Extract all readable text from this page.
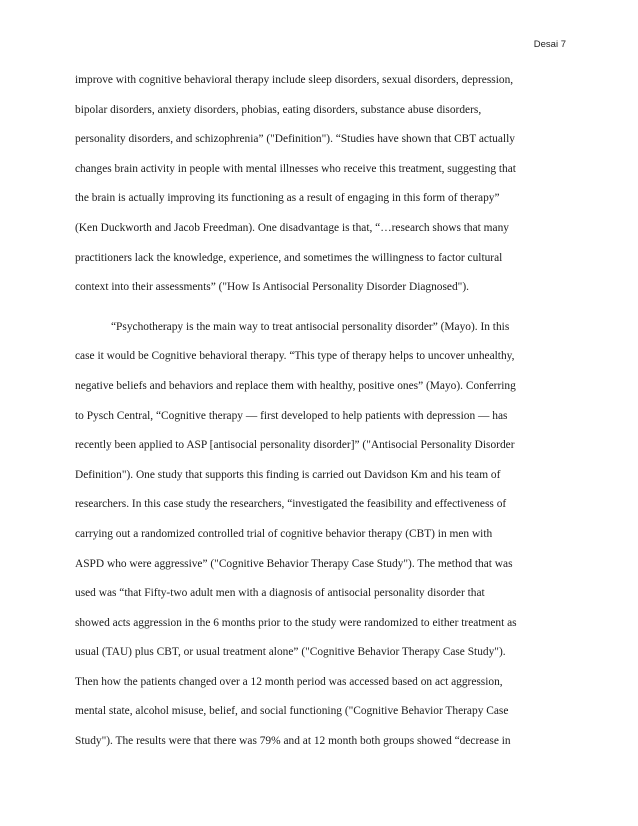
Desai 7
improve with cognitive behavioral therapy include sleep disorders, sexual disorders, depression,
bipolar disorders, anxiety disorders, phobias, eating disorders, substance abuse disorders,
personality disorders, and schizophrenia” ("Definition"). “Studies have shown that CBT actually
changes brain activity in people with mental illnesses who receive this treatment, suggesting that
the brain is actually improving its functioning as a result of engaging in this form of therapy”
(Ken Duckworth and Jacob Freedman). One disadvantage is that, “…research shows that many
practitioners lack the knowledge, experience, and sometimes the willingness to factor cultural
context into their assessments” ("How Is Antisocial Personality Disorder Diagnosed").
“Psychotherapy is the main way to treat antisocial personality disorder” (Mayo). In this
case it would be Cognitive behavioral therapy. “This type of therapy helps to uncover unhealthy,
negative beliefs and behaviors and replace them with healthy, positive ones” (Mayo). Conferring
to Pysch Central, “Cognitive therapy — first developed to help patients with depression — has
recently been applied to ASP [antisocial personality disorder]” ("Antisocial Personality Disorder
Definition"). One study that supports this finding is carried out Davidson Km and his team of
researchers. In this case study the researchers, “investigated the feasibility and effectiveness of
carrying out a randomized controlled trial of cognitive behavior therapy (CBT) in men with
ASPD who were aggressive” ("Cognitive Behavior Therapy Case Study"). The method that was
used was “that Fifty-two adult men with a diagnosis of antisocial personality disorder that
showed acts aggression in the 6 months prior to the study were randomized to either treatment as
usual (TAU) plus CBT, or usual treatment alone” ("Cognitive Behavior Therapy Case Study").
Then how the patients changed over a 12 month period was accessed based on act aggression,
mental state, alcohol misuse, belief, and social functioning ("Cognitive Behavior Therapy Case
Study"). The results were that there was 79% and at 12 month both groups showed “decrease in
